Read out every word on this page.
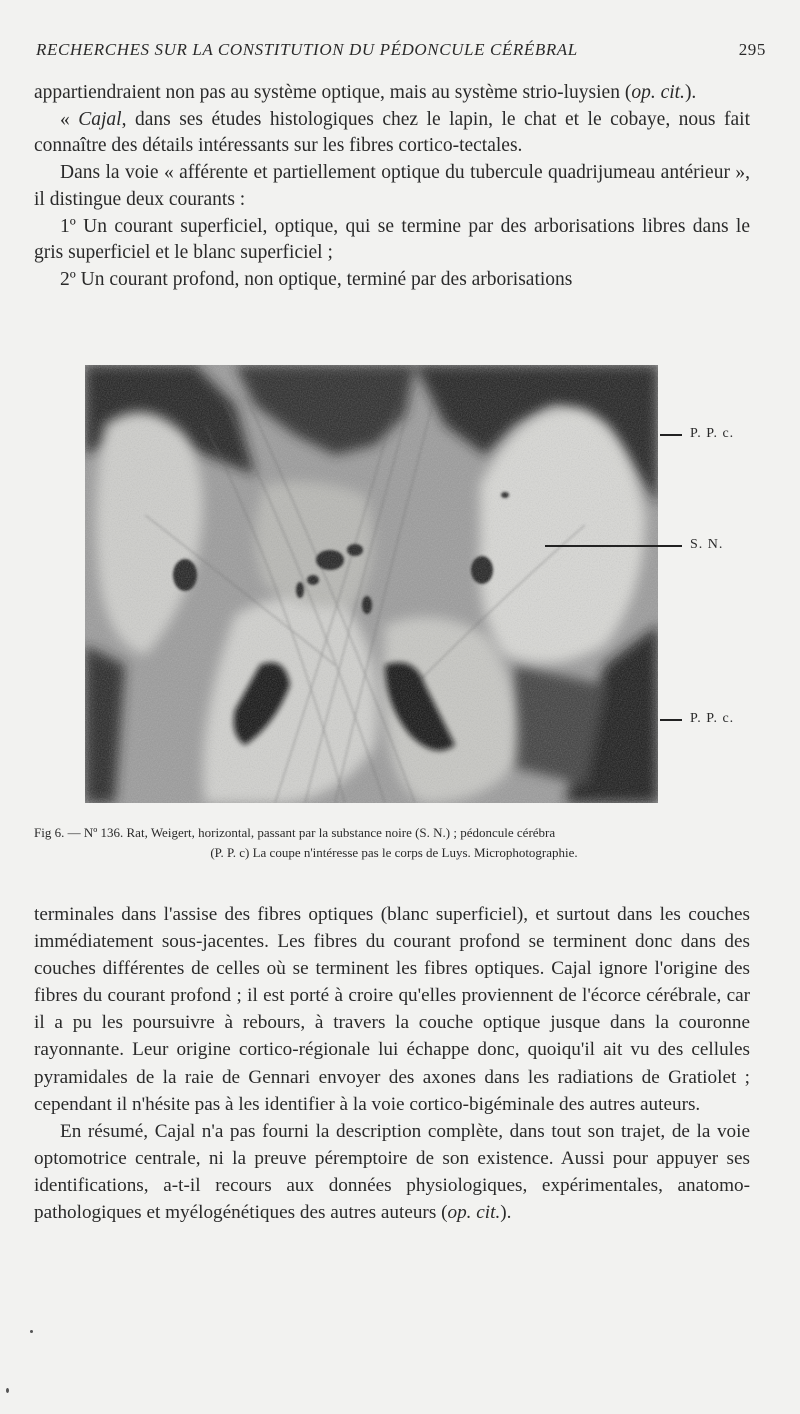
RECHERCHES SUR LA CONSTITUTION DU PÉDONCULE CÉRÉBRAL	295

appartiendraient non pas au système optique, mais au système strio-luysien (op. cit.).

« Cajal, dans ses études histologiques chez le lapin, le chat et le cobaye, nous fait connaître des détails intéressants sur les fibres cortico-tectales.

Dans la voie « afférente et partiellement optique du tubercule quadrijumeau antérieur », il distingue deux courants :

1º Un courant superficiel, optique, qui se termine par des arborisations libres dans le gris superficiel et le blanc superficiel ;

2º Un courant profond, non optique, terminé par des arborisations

P. P. c.
S. N.
P. P. c.
Fig 6. — Nº 136. Rat, Weigert, horizontal, passant par la substance noire (S. N.) ; pédoncule cérébra
(P. P. c) La coupe n'intéresse pas le corps de Luys. Microphotographie.

terminales dans l'assise des fibres optiques (blanc superficiel), et surtout dans les couches immédiatement sous-jacentes. Les fibres du courant profond se terminent donc dans des couches différentes de celles où se terminent les fibres optiques. Cajal ignore l'origine des fibres du courant profond ; il est porté à croire qu'elles proviennent de l'écorce cérébrale, car il a pu les poursuivre à rebours, à travers la couche optique jusque dans la couronne rayonnante. Leur origine cortico-régionale lui échappe donc, quoiqu'il ait vu des cellules pyramidales de la raie de Gennari envoyer des axones dans les radiations de Gratiolet ; cependant il n'hésite pas à les identifier à la voie cortico-bigéminale des autres auteurs.

En résumé, Cajal n'a pas fourni la description complète, dans tout son trajet, de la voie optomotrice centrale, ni la preuve péremptoire de son existence. Aussi pour appuyer ses identifications, a-t-il recours aux données physiologiques, expérimentales, anatomo-pathologiques et myélogénétiques des autres auteurs (op. cit.).
